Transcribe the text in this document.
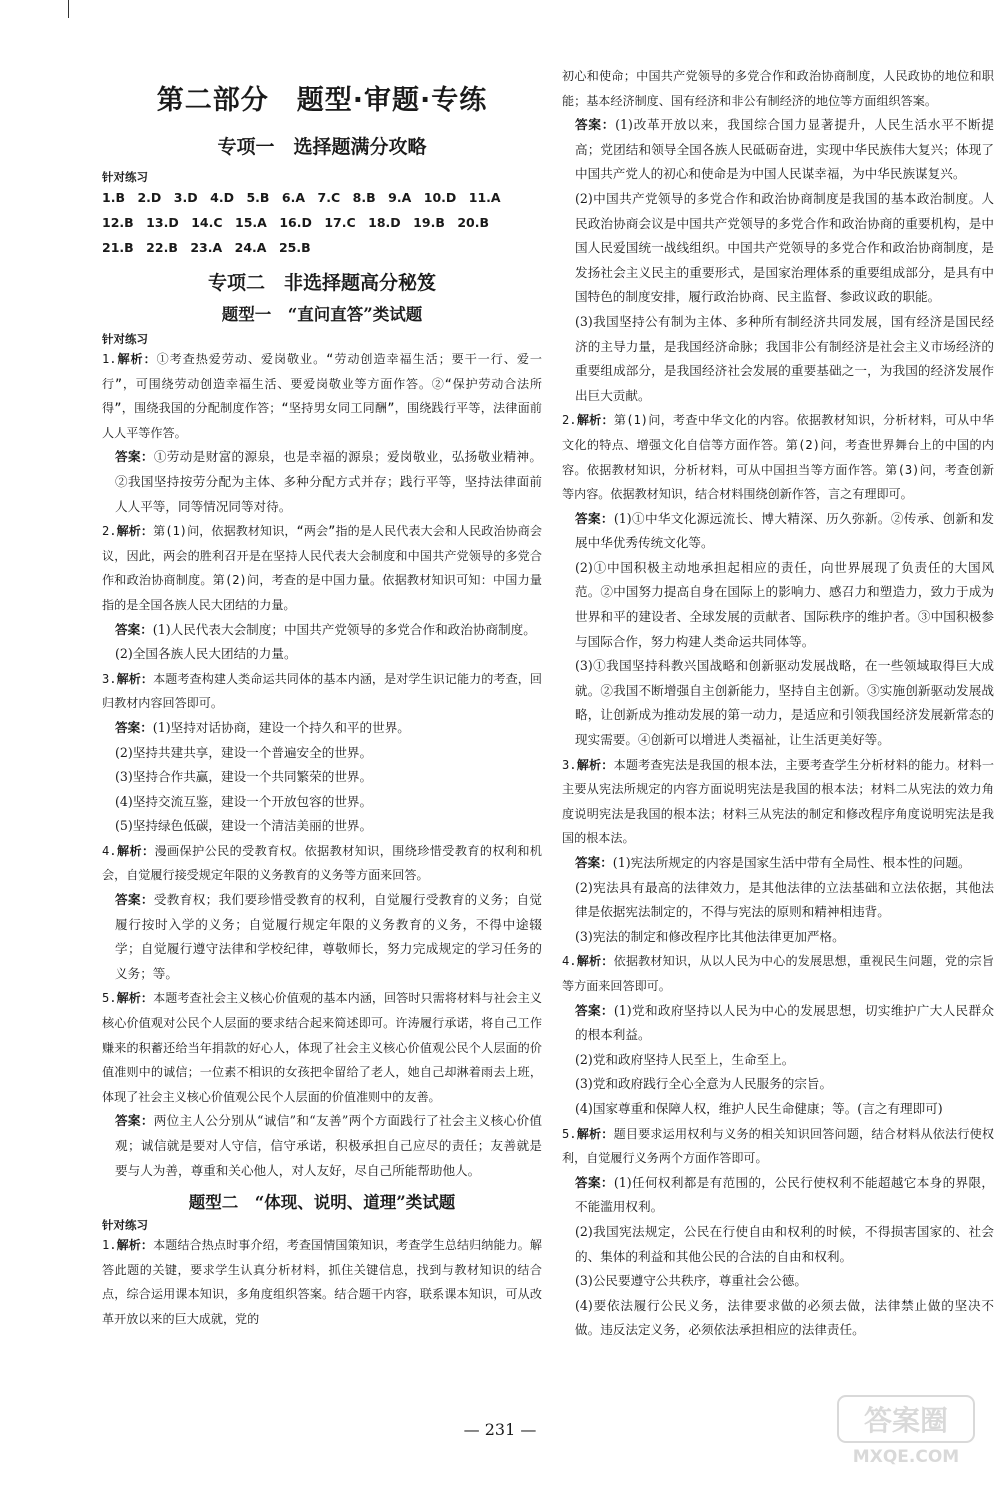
第二部分　题型·审题·专练
专项一　选择题满分攻略

针对练习

1.B　2.D　3.D　4.D　5.B　6.A　7.C　8.B　9.A　10.D　11.A
12.B　13.D　14.C　15.A　16.D　17.C　18.D　19.B　20.B
21.B　22.B　23.A　24.A　25.B
专项二　非选择题高分秘笈
题型一　“直问直答”类试题

针对练习

1.解析：①考查热爱劳动、爱岗敬业。“劳动创造幸福生活；要干一行、爱一行”，可围绕劳动创造幸福生活、要爱岗敬业等方面作答。②“保护劳动合法所得”，围绕我国的分配制度作答；“坚持男女同工同酬”，围绕践行平等，法律面前人人平等作答。
答案：①劳动是财富的源泉，也是幸福的源泉；爱岗敬业，弘扬敬业精神。②我国坚持按劳分配为主体、多种分配方式并存；践行平等，坚持法律面前人人平等，同等情况同等对待。
2.解析：第(1)问，依据教材知识，“两会”指的是人民代表大会和人民政治协商会议，因此，两会的胜利召开是在坚持人民代表大会制度和中国共产党领导的多党合作和政治协商制度。第(2)问，考查的是中国力量。依据教材知识可知：中国力量指的是全国各族人民大团结的力量。
答案：(1)人民代表大会制度；中国共产党领导的多党合作和政治协商制度。
(2)全国各族人民大团结的力量。
3.解析：本题考查构建人类命运共同体的基本内涵，是对学生识记能力的考查，回归教材内容回答即可。
答案：(1)坚持对话协商，建设一个持久和平的世界。
(2)坚持共建共享，建设一个普遍安全的世界。
(3)坚持合作共赢，建设一个共同繁荣的世界。
(4)坚持交流互鉴，建设一个开放包容的世界。
(5)坚持绿色低碳，建设一个清洁美丽的世界。
4.解析：漫画保护公民的受教育权。依据教材知识，围绕珍惜受教育的权利和机会，自觉履行接受规定年限的义务教育的义务等方面来回答。
答案：受教育权；我们要珍惜受教育的权利，自觉履行受教育的义务；自觉履行按时入学的义务；自觉履行规定年限的义务教育的义务，不得中途辍学；自觉履行遵守法律和学校纪律，尊敬师长，努力完成规定的学习任务的义务；等。
5.解析：本题考查社会主义核心价值观的基本内涵，回答时只需将材料与社会主义核心价值观对公民个人层面的要求结合起来简述即可。许涛履行承诺，将自己工作赚来的积蓄还给当年捐款的好心人，体现了社会主义核心价值观公民个人层面的价值准则中的诚信；一位素不相识的女孩把伞留给了老人，她自己却淋着雨去上班，体现了社会主义核心价值观公民个人层面的价值准则中的友善。
答案：两位主人公分别从“诚信”和“友善”两个方面践行了社会主义核心价值观；诚信就是要对人守信，信守承诺，积极承担自己应尽的责任；友善就是要与人为善，尊重和关心他人，对人友好，尽自己所能帮助他人。
题型二　“体现、说明、道理”类试题

针对练习

1.解析：本题结合热点时事介绍，考查国情国策知识，考查学生总结归纳能力。解答此题的关键，要求学生认真分析材料，抓住关键信息，找到与教材知识的结合点，综合运用课本知识，多角度组织答案。结合题干内容，联系课本知识，可从改革开放以来的巨大成就，党的
初心和使命；中国共产党领导的多党合作和政治协商制度，人民政协的地位和职能；基本经济制度、国有经济和非公有制经济的地位等方面组织答案。
答案：(1)改革开放以来，我国综合国力显著提升，人民生活水平不断提高；党团结和领导全国各族人民砥砺奋进，实现中华民族伟大复兴；体现了中国共产党人的初心和使命是为中国人民谋幸福，为中华民族谋复兴。
(2)中国共产党领导的多党合作和政治协商制度是我国的基本政治制度。人民政治协商会议是中国共产党领导的多党合作和政治协商的重要机构，是中国人民爱国统一战线组织。中国共产党领导的多党合作和政治协商制度，是发扬社会主义民主的重要形式，是国家治理体系的重要组成部分，是具有中国特色的制度安排，履行政治协商、民主监督、参政议政的职能。
(3)我国坚持公有制为主体、多种所有制经济共同发展，国有经济是国民经济的主导力量，是我国经济命脉；我国非公有制经济是社会主义市场经济的重要组成部分，是我国经济社会发展的重要基础之一，为我国的经济发展作出巨大贡献。
2.解析：第(1)问，考查中华文化的内容。依据教材知识，分析材料，可从中华文化的特点、增强文化自信等方面作答。第(2)问，考查世界舞台上的中国的内容。依据教材知识，分析材料，可从中国担当等方面作答。第(3)问，考查创新等内容。依据教材知识，结合材料围绕创新作答，言之有理即可。
答案：(1)①中华文化源远流长、博大精深、历久弥新。②传承、创新和发展中华优秀传统文化等。
(2)①中国积极主动地承担起相应的责任，向世界展现了负责任的大国风范。②中国努力提高自身在国际上的影响力、感召力和塑造力，致力于成为世界和平的建设者、全球发展的贡献者、国际秩序的维护者。③中国积极参与国际合作，努力构建人类命运共同体等。
(3)①我国坚持科教兴国战略和创新驱动发展战略，在一些领域取得巨大成就。②我国不断增强自主创新能力，坚持自主创新。③实施创新驱动发展战略，让创新成为推动发展的第一动力，是适应和引领我国经济发展新常态的现实需要。④创新可以增进人类福祉，让生活更美好等。
3.解析：本题考查宪法是我国的根本法，主要考查学生分析材料的能力。材料一主要从宪法所规定的内容方面说明宪法是我国的根本法；材料二从宪法的效力角度说明宪法是我国的根本法；材料三从宪法的制定和修改程序角度说明宪法是我国的根本法。
答案：(1)宪法所规定的内容是国家生活中带有全局性、根本性的问题。
(2)宪法具有最高的法律效力，是其他法律的立法基础和立法依据，其他法律是依据宪法制定的，不得与宪法的原则和精神相违背。
(3)宪法的制定和修改程序比其他法律更加严格。
4.解析：依据教材知识，从以人民为中心的发展思想，重视民生问题，党的宗旨等方面来回答即可。
答案：(1)党和政府坚持以人民为中心的发展思想，切实维护广大人民群众的根本利益。
(2)党和政府坚持人民至上，生命至上。
(3)党和政府践行全心全意为人民服务的宗旨。
(4)国家尊重和保障人权，维护人民生命健康；等。(言之有理即可)
5.解析：题目要求运用权利与义务的相关知识回答问题，结合材料从依法行使权利，自觉履行义务两个方面作答即可。
答案：(1)任何权利都是有范围的，公民行使权利不能超越它本身的界限，不能滥用权利。
(2)我国宪法规定，公民在行使自由和权利的时候，不得损害国家的、社会的、集体的利益和其他公民的合法的自由和权利。
(3)公民要遵守公共秩序，尊重社会公德。
(4)要依法履行公民义务，法律要求做的必须去做，法律禁止做的坚决不做。违反法定义务，必须依法承担相应的法律责任。
— 231 —	答案圈
MXQE.COM
